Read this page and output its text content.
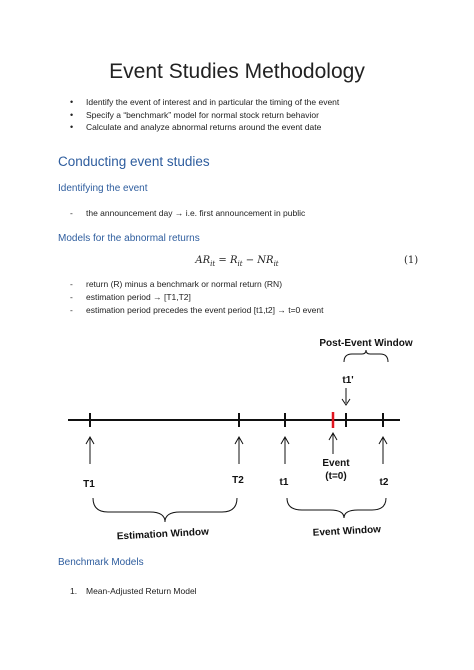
Event Studies Methodology
• Identify the event of interest and in particular the timing of the event
• Specify a “benchmark” model for normal stock return behavior
• Calculate and analyze abnormal returns around the event date
Conducting event studies
Identifying the event
- the announcement day → i.e. first announcement in public
Models for the abnormal returns
$AR_{it} = R_{it} - NR_{it}$	(1)
- return (R) minus a benchmark or normal return (RN)
- estimation period → [T1,T2]
- estimation period precedes the event period [t1,t2] → t=0 event
Post-Event Window
t1'
T1	T2	t1
Event
(t=0)
t2
Estimation Window	Event Window
Benchmark Models
1. Mean-Adjusted Return Model
